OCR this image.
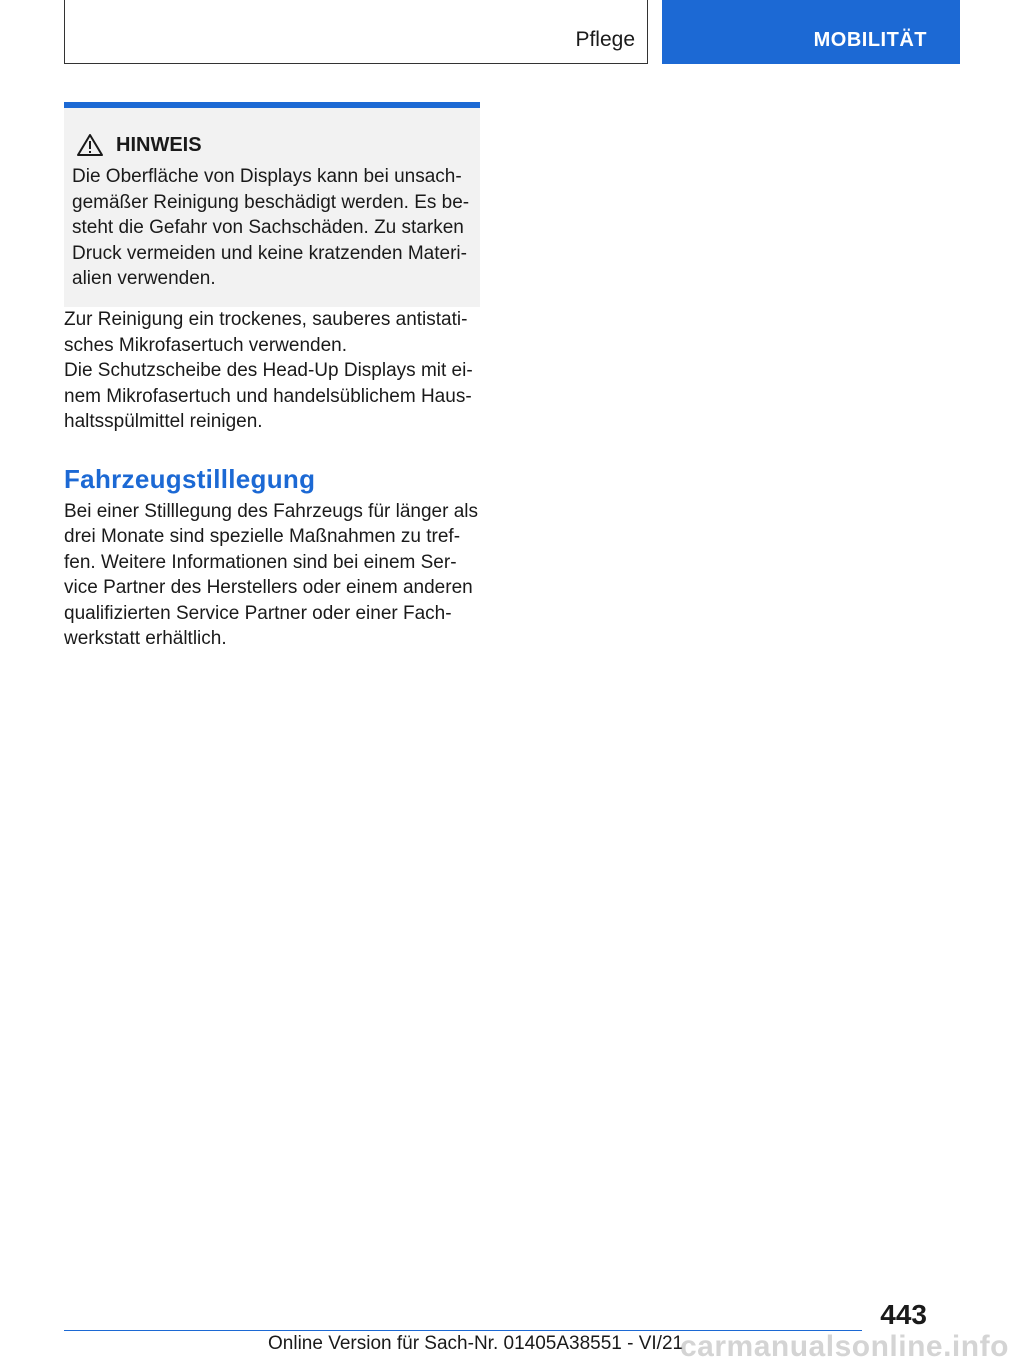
Pflege	MOBILITÄT
HINWEIS

Die Oberfläche von Displays kann bei unsachgemäßer Reinigung beschädigt werden. Es besteht die Gefahr von Sachschäden. Zu starken Druck vermeiden und keine kratzenden Materialien verwenden.

Zur Reinigung ein trockenes, sauberes antistatisches Mikrofasertuch verwenden.

Die Schutzscheibe des Head-Up Displays mit einem Mikrofasertuch und handelsüblichem Haushaltsspülmittel reinigen.

Fahrzeugstilllegung

Bei einer Stilllegung des Fahrzeugs für länger als drei Monate sind spezielle Maßnahmen zu treffen. Weitere Informationen sind bei einem Service Partner des Herstellers oder einem anderen qualifizierten Service Partner oder einer Fachwerkstatt erhältlich.

443
Online Version für Sach-Nr. 01405A38551 - VI/21
carmanualsonline.info
